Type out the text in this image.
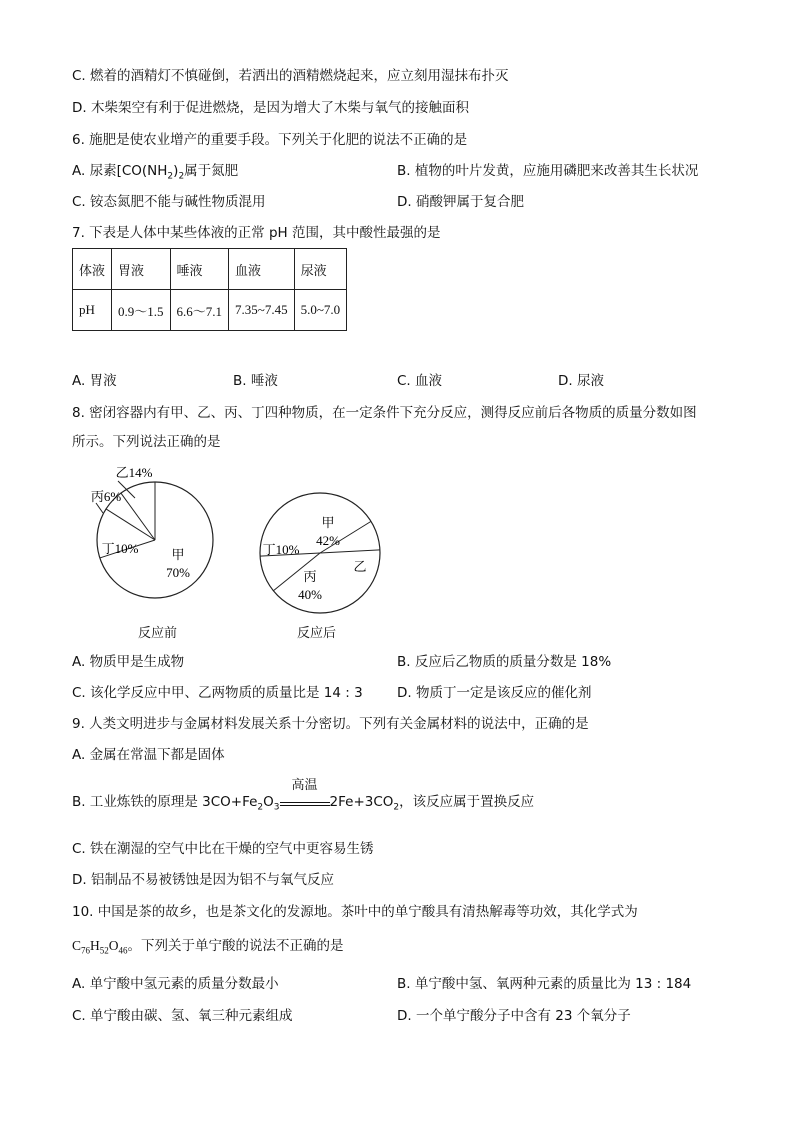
C. 燃着的酒精灯不慎碰倒，若洒出的酒精燃烧起来，应立刻用湿抹布扑灭
D. 木柴架空有利于促进燃烧，是因为增大了木柴与氧气的接触面积
6. 施肥是使农业增产的重要手段。下列关于化肥的说法不正确的是
A. 尿素[$CO(NH_2)_2$属于氮肥	B. 植物的叶片发黄，应施用磷肥来改善其生长状况
C. 铵态氮肥不能与碱性物质混用	D. 硝酸钾属于复合肥
7. 下表是人体中某些体液的正常 pH 范围，其中酸性最强的是
体液	胃液	唾液	血液	尿液
pH	0.9～1.5	6.6～7.1	7.35~7.45	5.0~7.0
A. 胃液	B. 唾液	C. 血液	D. 尿液
8. 密闭容器内有甲、乙、丙、丁四种物质，在一定条件下充分反应，测得反应前后各物质的质量分数如图
所示。下列说法正确的是
甲 70%
乙14%
丙6%
丁10%
甲 42%
乙
丙 40%
丁10%
反应前	反应后
A. 物质甲是生成物	B. 反应后乙物质的质量分数是 18%
C. 该化学反应中甲、乙两物质的质量比是 14 : 3	D. 物质丁一定是该反应的催化剂
9. 人类文明进步与金属材料发展关系十分密切。下列有关金属材料的说法中，正确的是
A. 金属在常温下都是固体
B. 工业炼铁的原理是 $3CO+Fe_2O_3$
高温
$2Fe+3CO_2$，该反应属于置换反应
C. 铁在潮湿的空气中比在干燥的空气中更容易生锈
D. 铝制品不易被锈蚀是因为铝不与氧气反应
10. 中国是茶的故乡，也是茶文化的发源地。茶叶中的单宁酸具有清热解毒等功效，其化学式为
$C_{76}H_{52}O_{46}$。下列关于单宁酸的说法不正确的是
A. 单宁酸中氢元素的质量分数最小	B. 单宁酸中氢、氧两种元素的质量比为 13 : 184
C. 单宁酸由碳、氢、氧三种元素组成	D. 一个单宁酸分子中含有 23 个氧分子
